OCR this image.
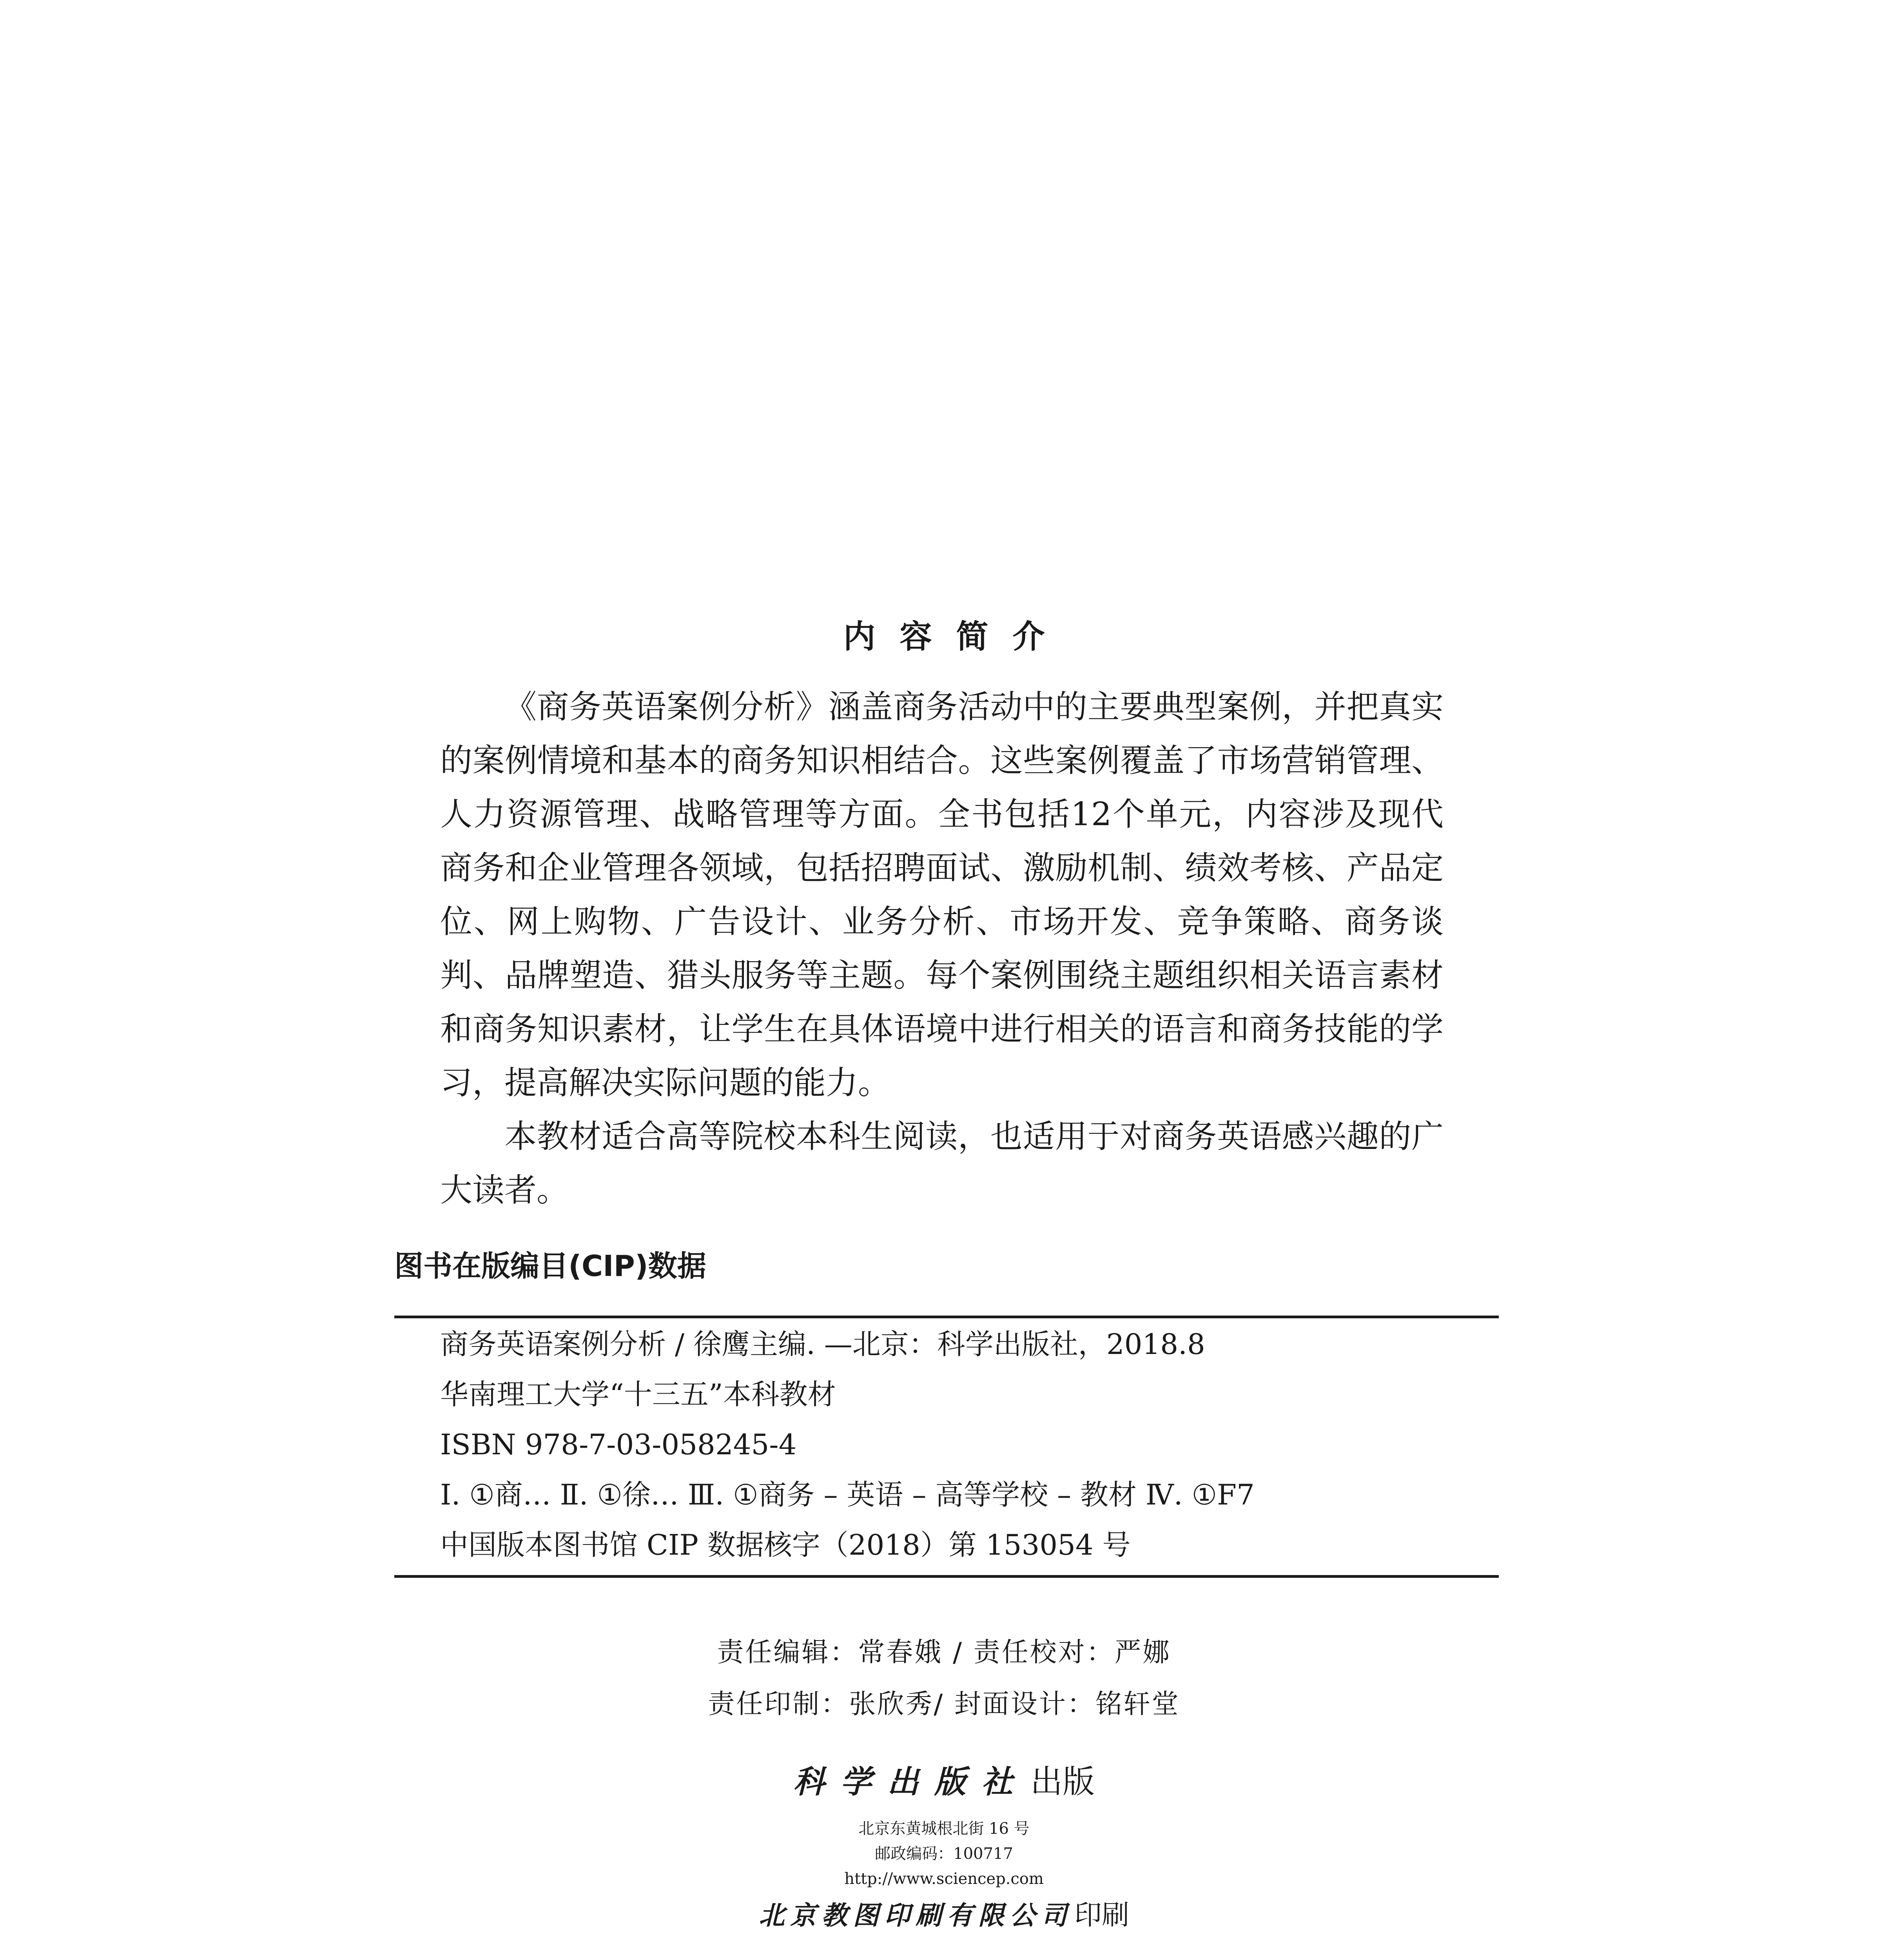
内容简介

《商务英语案例分析》涵盖商务活动中的主要典型案例，并把真实的案例情境和基本的商务知识相结合。这些案例覆盖了市场营销管理、人力资源管理、战略管理等方面。全书包括12个单元，内容涉及现代商务和企业管理各领域，包括招聘面试、激励机制、绩效考核、产品定位、网上购物、广告设计、业务分析、市场开发、竞争策略、商务谈判、品牌塑造、猎头服务等主题。每个案例围绕主题组织相关语言素材和商务知识素材，让学生在具体语境中进行相关的语言和商务技能的学习，提高解决实际问题的能力。

本教材适合高等院校本科生阅读，也适用于对商务英语感兴趣的广大读者。

图书在版编目(CIP)数据
商务英语案例分析 / 徐鹰主编. —北京：科学出版社，2018.8
华南理工大学“十三五”本科教材
ISBN 978-7-03-058245-4
Ⅰ. ①商… Ⅱ. ①徐… Ⅲ. ①商务 – 英语 – 高等学校 – 教材 Ⅳ. ①F7
中国版本图书馆 CIP 数据核字（2018）第 153054 号
责任编辑：常春娥 / 责任校对：严娜
责任印制：张欣秀/ 封面设计：铭轩堂
科学出版社 出版
北京东黄城根北街 16 号
邮政编码：100717
http://www.sciencep.com
北京教图印刷有限公司 印刷
